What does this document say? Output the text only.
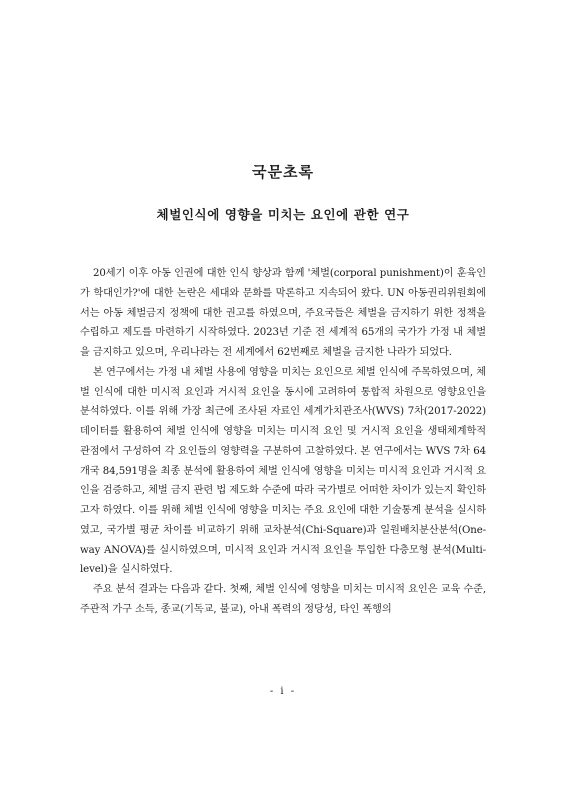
국문초록
체벌인식에 영향을 미치는 요인에 관한 연구

20세기 이후 아동 인권에 대한 인식 향상과 함께 '체벌(corporal punishment)이 훈육인가 학대인가?'에 대한 논란은 세대와 문화를 막론하고 지속되어 왔다. UN 아동권리위원회에서는 아동 체벌금지 정책에 대한 권고를 하였으며, 주요국들은 체벌을 금지하기 위한 정책을 수립하고 제도를 마련하기 시작하였다. 2023년 기준 전 세계적 65개의 국가가 가정 내 체벌을 금지하고 있으며, 우리나라는 전 세계에서 62번째로 체벌을 금지한 나라가 되었다.

본 연구에서는 가정 내 체벌 사용에 영향을 미치는 요인으로 체벌 인식에 주목하였으며, 체벌 인식에 대한 미시적 요인과 거시적 요인을 동시에 고려하여 통합적 차원으로 영향요인을 분석하였다. 이를 위해 가장 최근에 조사된 자료인 세계가치관조사(WVS) 7차(2017-2022) 데이터를 활용하여 체벌 인식에 영향을 미치는 미시적 요인 및 거시적 요인을 생태체계학적 관점에서 구성하여 각 요인들의 영향력을 구분하여 고찰하였다. 본 연구에서는 WVS 7차 64개국 84,591명을 최종 분석에 활용하여 체벌 인식에 영향을 미치는 미시적 요인과 거시적 요인을 검증하고, 체벌 금지 관련 법 제도화 수준에 따라 국가별로 어떠한 차이가 있는지 확인하고자 하였다. 이를 위해 체벌 인식에 영향을 미치는 주요 요인에 대한 기술통계 분석을 실시하였고, 국가별 평균 차이를 비교하기 위해 교차분석(Chi-Square)과 일원배치분산분석(One-way ANOVA)를 실시하였으며, 미시적 요인과 거시적 요인을 투입한 다층모형 분석(Multi-level)을 실시하였다.

주요 분석 결과는 다음과 같다. 첫째, 체벌 인식에 영향을 미치는 미시적 요인은 교육 수준, 주관적 가구 소득, 종교(기독교, 불교), 아내 폭력의 정당성, 타인 폭행의

- i -
